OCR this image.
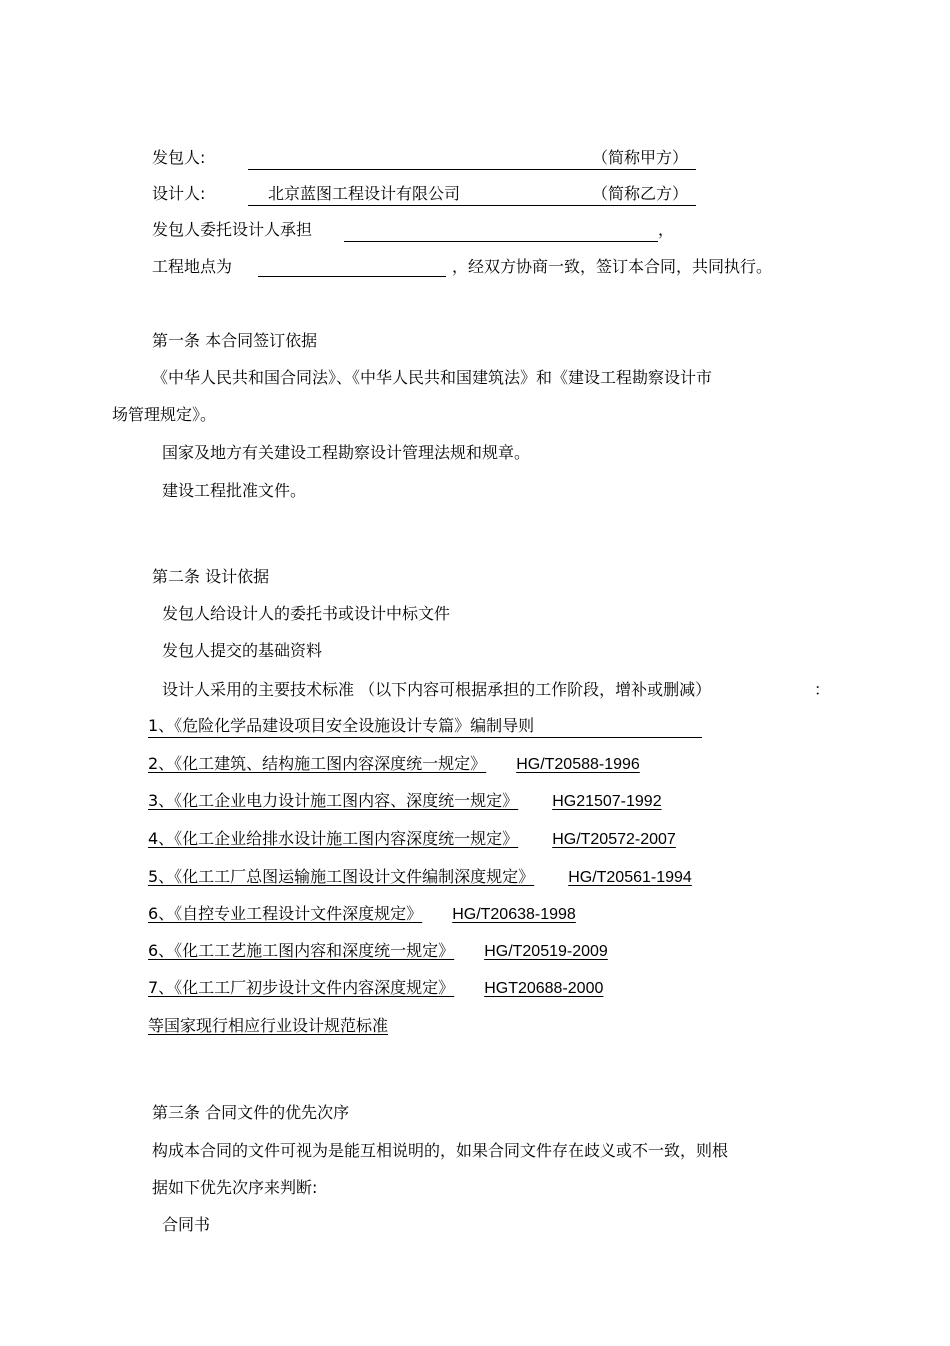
发包人:	（简称甲方）
设计人:	北京蓝图工程设计有限公司	（简称乙方）
发包人委托设计人承担	，
工程地点为	，经双方协商一致，签订本合同，共同执行。
第一条 本合同签订依据
《中华人民共和国合同法》、《中华人民共和国建筑法》和《建设工程勘察设计市
场管理规定》。
国家及地方有关建设工程勘察设计管理法规和规章。
建设工程批准文件。
第二条 设计依据
发包人给设计人的委托书或设计中标文件
发包人提交的基础资料
设计人采用的主要技术标准 （以下内容可根据承担的工作阶段，增补或删减）	：
1、《危险化学品建设项目安全设施设计专篇》编制导则
2、《化工建筑、结构施工图内容深度统一规定》 HG/T20588-1996
3、《化工企业电力设计施工图内容、深度统一规定》 HG21507-1992
4、《化工企业给排水设计施工图内容深度统一规定》 HG/T20572-2007
5、《化工工厂总图运输施工图设计文件编制深度规定》 HG/T20561-1994
6、《自控专业工程设计文件深度规定》 HG/T20638-1998
6、《化工工艺施工图内容和深度统一规定》 HG/T20519-2009
7、《化工工厂初步设计文件内容深度规定》 HGT20688-2000
等国家现行相应行业设计规范标准
第三条 合同文件的优先次序
构成本合同的文件可视为是能互相说明的，如果合同文件存在歧义或不一致，则根
据如下优先次序来判断:
合同书
